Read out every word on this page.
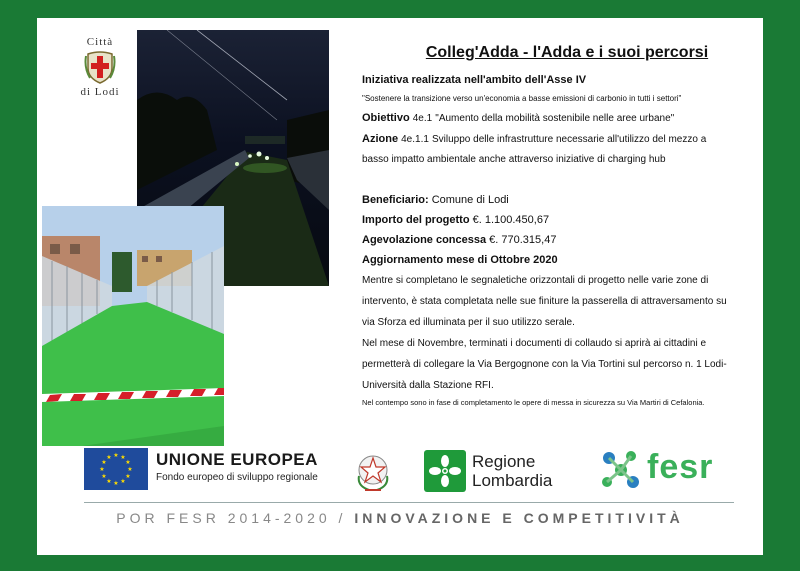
Città
di Lodi
Colleg'Adda - l'Adda e i suoi percorsi
Iniziativa realizzata nell'ambito dell'Asse IV
"Sostenere la transizione verso un'economia a basse emissioni di carbonio in tutti i settori"
Obiettivo 4e.1 "Aumento della mobilità sostenibile nelle aree urbane"
Azione 4e.1.1 Sviluppo delle infrastrutture necessarie all'utilizzo del mezzo a
basso impatto ambientale anche attraverso iniziative di charging hub
Beneficiario: Comune di Lodi
Importo del progetto €. 1.100.450,67
Agevolazione concessa €. 770.315,47
Aggiornamento mese di Ottobre 2020
Mentre si completano le segnaletiche orizzontali di progetto nelle varie zone di
intervento, è stata completata nelle sue finiture la passerella di attraversamento su
via Sforza ed illuminata per il suo utilizzo serale.
Nel mese di Novembre, terminati i documenti di collaudo si aprirà ai cittadini e
permetterà di collegare la Via Bergognone con la Via Tortini sul percorso n. 1 Lodi-
Università dalla Stazione RFI.
Nel contempo sono in fase di completamento le opere di messa in sicurezza su Via Martiri di Cefalonia.
★ ★
★
★
★
★
★
★
★
★
★
★	UNIONE EUROPEA
Fondo europeo di sviluppo regionale
Regione
Lombardia	fesr
POR FESR 2014-2020 / INNOVAZIONE E COMPETITIVITÀ
